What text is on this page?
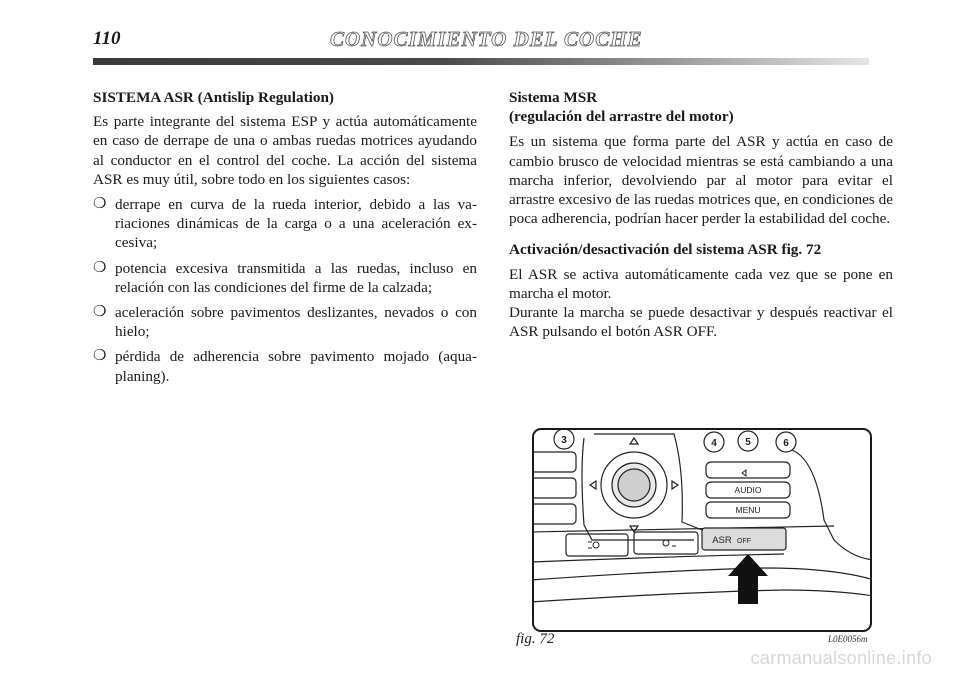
110	CONOCIMIENTO DEL COCHE
SISTEMA ASR (Antislip Regulation)

Es parte integrante del sistema ESP y actúa automáticamente en caso de derrape de una o ambas ruedas motrices ayudando al conductor en el control del coche. La acción del sistema ASR es muy útil, sobre todo en los siguientes casos:

❍ derrape en curva de la rueda interior, debido a las variaciones dinámicas de la carga o a una aceleración excesiva;
❍ potencia excesiva transmitida a las ruedas, incluso en relación con las condiciones del firme de la calzada;
❍ aceleración sobre pavimentos deslizantes, nevados o con hielo;
❍ pérdida de adherencia sobre pavimento mojado (aquaplaning).
Sistema MSR
(regulación del arrastre del motor)

Es un sistema que forma parte del ASR y actúa en caso de cambio brusco de velocidad mientras se está cambiando a una marcha inferior, devolviendo par al motor para evitar el arrastre excesivo de las ruedas motrices que, en condiciones de poca adherencia, podrían hacer perder la estabilidad del coche.

Activación/desactivación del sistema ASR fig. 72

El ASR se activa automáticamente cada vez que se pone en marcha el motor.

Durante la marcha se puede desactivar y después reactivar el ASR pulsando el botón ASR OFF.

3	4	5	6
AUDIO
MENU
ASR OFF
fig. 72	L0E0056m
carmanualsonline.info
